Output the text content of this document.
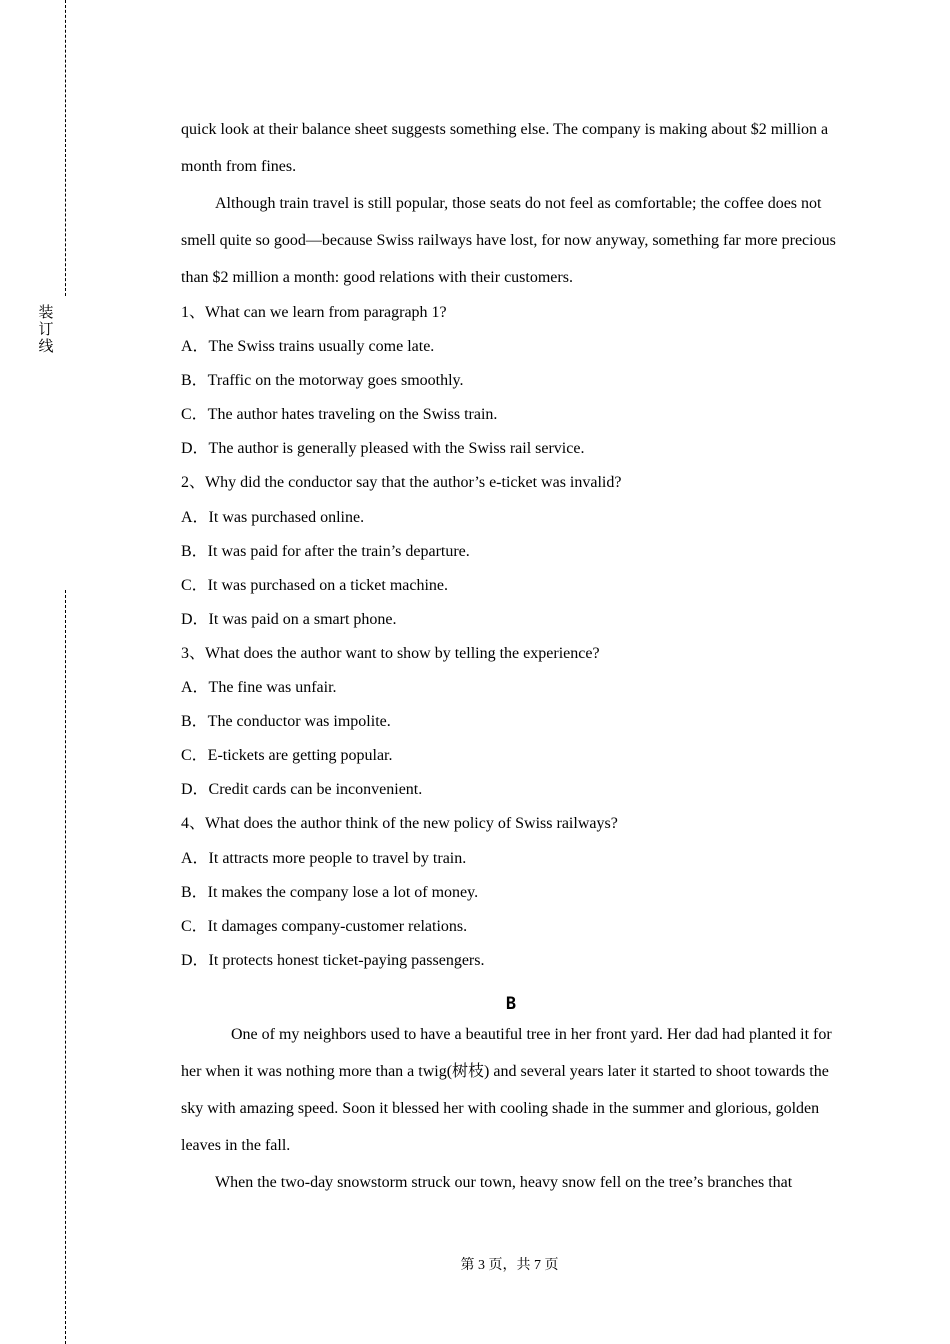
装
订
线

quick look at their balance sheet suggests something else. The company is making about $2 million a month from fines.

Although train travel is still popular, those seats do not feel as comfortable; the coffee does not smell quite so good—because Swiss railways have lost, for now anyway, something far more precious than $2 million a month: good relations with their customers.

1、What can we learn from paragraph 1?

A．The Swiss trains usually come late.

B．Traffic on the motorway goes smoothly.

C．The author hates traveling on the Swiss train.

D．The author is generally pleased with the Swiss rail service.

2、Why did the conductor say that the author’s e-ticket was invalid?

A．It was purchased online.

B．It was paid for after the train’s departure.

C．It was purchased on a ticket machine.

D．It was paid on a smart phone.

3、What does the author want to show by telling the experience?

A．The fine was unfair.

B．The conductor was impolite.

C．E-tickets are getting popular.

D．Credit cards can be inconvenient.

4、What does the author think of the new policy of Swiss railways?

A．It attracts more people to travel by train.

B．It makes the company lose a lot of money.

C．It damages company-customer relations.

D．It protects honest ticket-paying passengers.

B

One of my neighbors used to have a beautiful tree in her front yard. Her dad had planted it for her when it was nothing more than a twig(树枝) and several years later it started to shoot towards the sky with amazing speed. Soon it blessed her with cooling shade in the summer and glorious, golden leaves in the fall.

When the two-day snowstorm struck our town, heavy snow fell on the tree’s branches that

第 3 页，共 7 页
